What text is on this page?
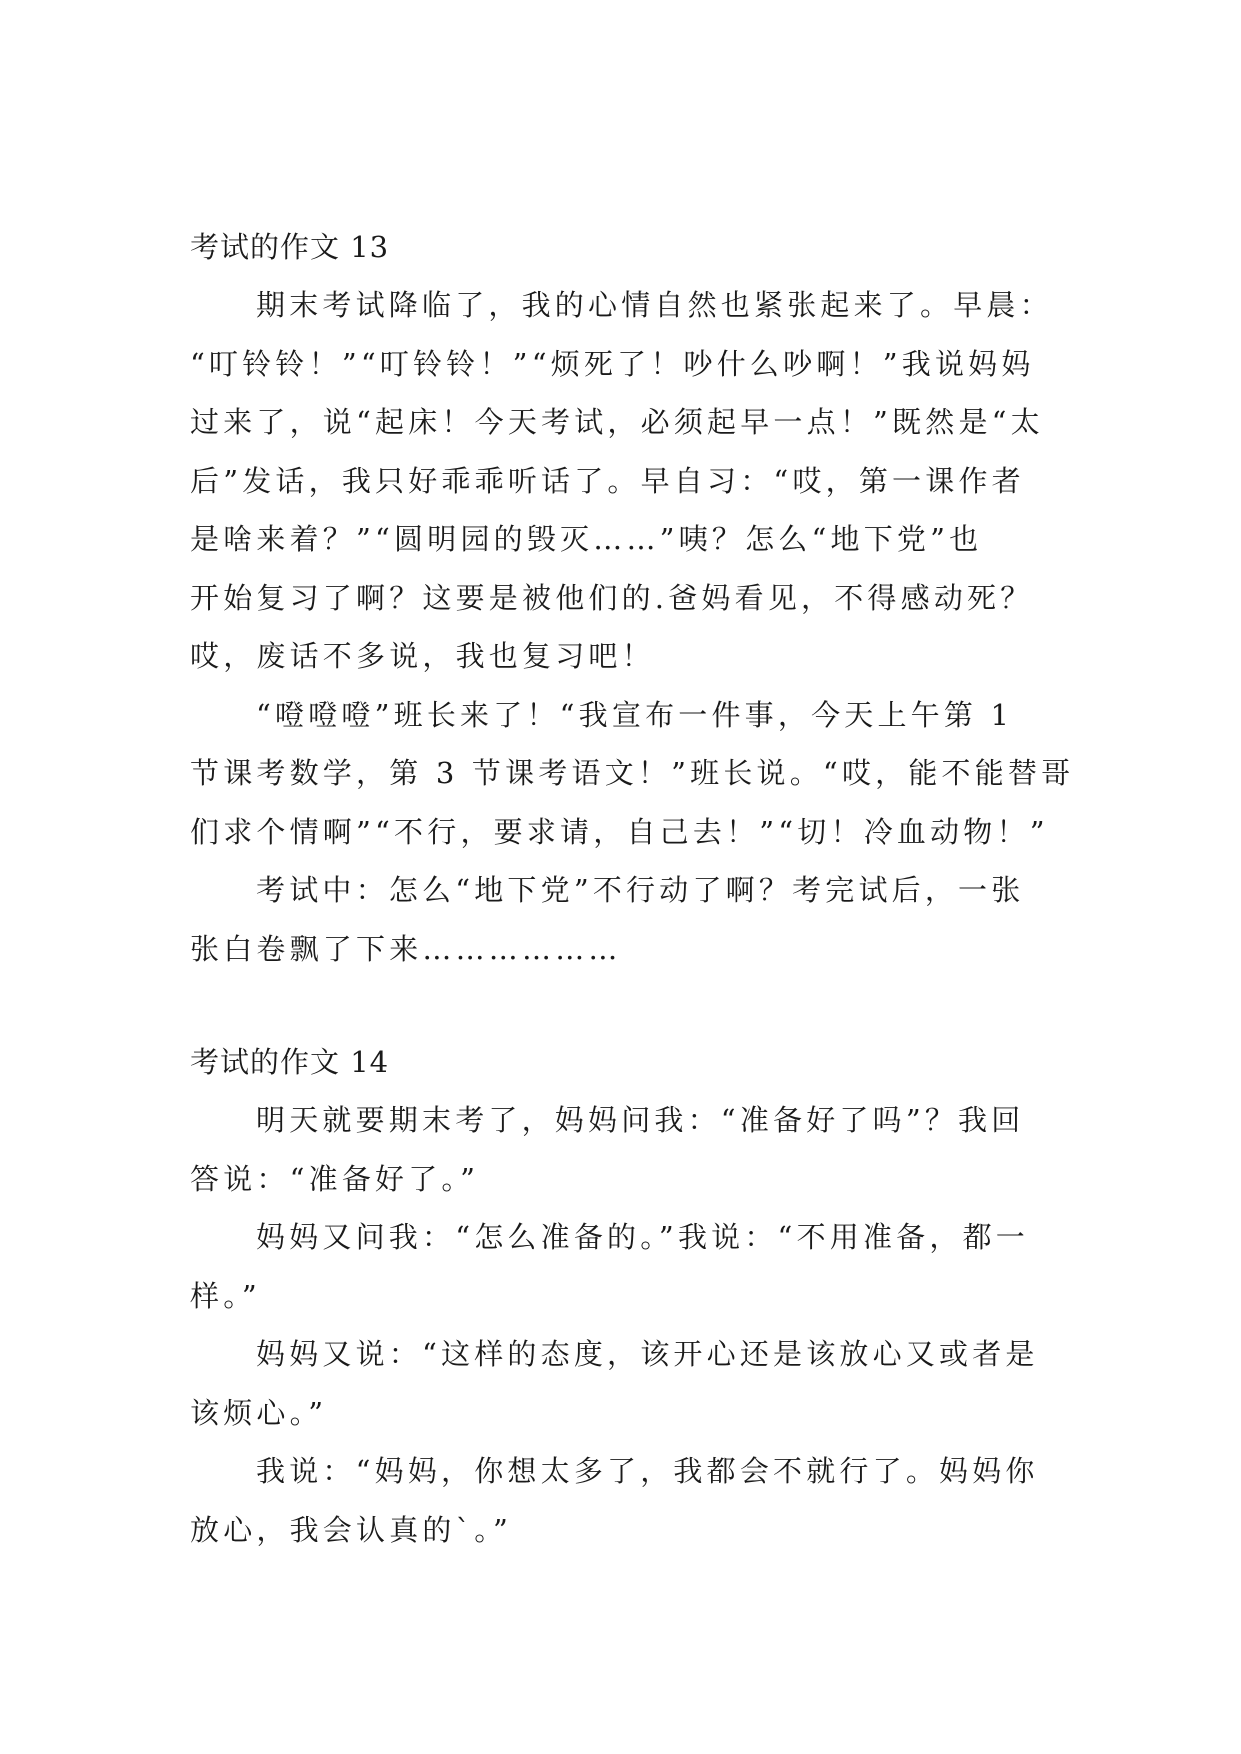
考试的作文 13
期末考试降临了，我的心情自然也紧张起来了。早晨：
“叮铃铃！”“叮铃铃！”“烦死了！吵什么吵啊！”我说妈妈
过来了，说“起床！今天考试，必须起早一点！”既然是“太
后”发话，我只好乖乖听话了。早自习：“哎，第一课作者
是啥来着？”“圆明园的毁灭……”咦？怎么“地下党”也
开始复习了啊？这要是被他们的.爸妈看见，不得感动死？
哎，废话不多说，我也复习吧！
“噔噔噔”班长来了！“我宣布一件事，今天上午第 1
节课考数学，第 3 节课考语文！”班长说。“哎，能不能替哥
们求个情啊”“不行，要求请，自己去！”“切！冷血动物！”
考试中：怎么“地下党”不行动了啊？考完试后，一张
张白卷飘了下来………………
考试的作文 14
明天就要期末考了，妈妈问我：“准备好了吗”？我回
答说：“准备好了。”
妈妈又问我：“怎么准备的。”我说：“不用准备，都一
样。”
妈妈又说：“这样的态度，该开心还是该放心又或者是
该烦心。”
我说：“妈妈，你想太多了，我都会不就行了。妈妈你
放心，我会认真的`。”
